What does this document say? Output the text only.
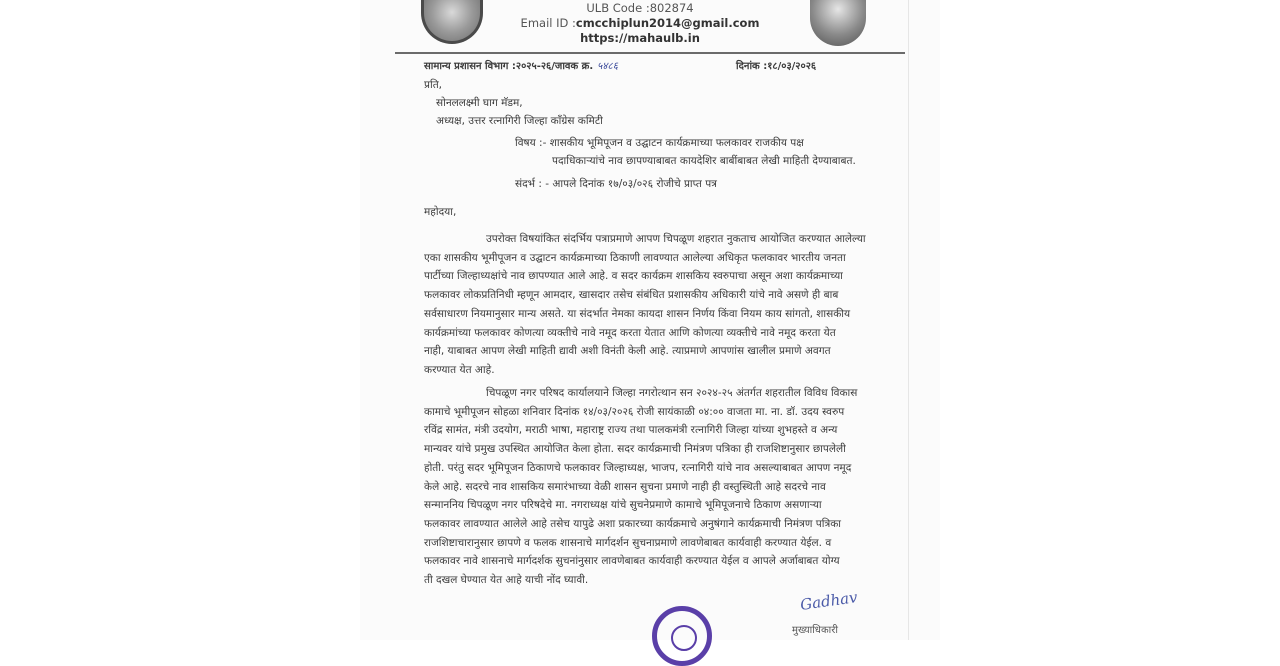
ULB Code :802874
Email ID :cmcchiplun2014@gmail.com
https://mahaulb.in
सामान्य प्रशासन विभाग :२०२५-२६/जावक क्र. ५४८६	दिनांक :१८/०३/२०२६
प्रति,
सोनललक्ष्मी घाग मॅडम,
अध्यक्ष, उत्तर रत्नागिरी जिल्हा कॉंग्रेस कमिटी
विषय :- शासकीय भूमिपूजन व उद्घाटन कार्यक्रमाच्या फलकावर राजकीय पक्ष
पदाधिकाऱ्यांचे नाव छापण्याबाबत कायदेशिर बाबींबाबत लेखी माहिती देण्याबाबत.
संदर्भ : - आपले दिनांक १७/०३/०२६ रोजीचे प्राप्त पत्र
महोदया,
उपरोक्त विषयांकित संदर्भिय पत्राप्रमाणे आपण चिपळूण शहरात नुकताच आयोजित करण्यात आलेल्या
एका शासकीय भूमीपूजन व उद्घाटन कार्यक्रमाच्या ठिकाणी लावण्यात आलेल्या अधिकृत फलकावर भारतीय जनता
पार्टीच्या जिल्हाध्यक्षांचे नाव छापण्यात आले आहे. व सदर कार्यक्रम शासकिय स्वरुपाचा असून अशा कार्यक्रमाच्या
फलकावर लोकप्रतिनिधी म्हणून आमदार, खासदार तसेच संबंधित प्रशासकीय अधिकारी यांचे नावे असणे ही बाब
सर्वसाधारण नियमानुसार मान्य असते. या संदर्भात नेमका कायदा शासन निर्णय किंवा नियम काय सांगतो, शासकीय
कार्यक्रमांच्या फलकावर कोणत्या व्यक्तीचे नावे नमूद करता येतात आणि कोणत्या व्यक्तीचे नावे नमूद करता येत
नाही, याबाबत आपण लेखी माहिती द्यावी अशी विनंती केली आहे. त्याप्रमाणे आपणांस खालील प्रमाणे अवगत
करण्यात येत आहे.
चिपळूण नगर परिषद कार्यालयाने जिल्हा नगरोत्थान सन २०२४-२५ अंतर्गत शहरातील विविध विकास
कामाचे भूमीपूजन सोहळा शनिवार दिनांक १४/०३/२०२६ रोजी सायंकाळी ०४:०० वाजता मा. ना. डॉ. उदय स्वरुप
रविंद्र सामंत, मंत्री उदयोग, मराठी भाषा, महाराष्ट्र राज्य तथा पालकमंत्री रत्नागिरी जिल्हा यांच्या शुभहस्ते व अन्य
मान्यवर यांचे प्रमुख उपस्थित आयोजित केला होता. सदर कार्यक्रमाची निमंत्रण पत्रिका ही राजशिष्टानुसार छापलेली
होती. परंतु सदर भूमिपूजन ठिकाणचे फलकावर जिल्हाध्यक्ष, भाजप, रत्नागिरी यांचे नाव असल्याबाबत आपण नमूद
केले आहे. सदरचे नाव शासकिय समारंभाच्या वेळी शासन सुचना प्रमाणे नाही ही वस्तुस्थिती आहे सदरचे नाव
सन्माननिय चिपळूण नगर परिषदेचे मा. नगराध्यक्ष यांचे सुचनेप्रमाणे कामाचे भूमिपूजनाचे ठिकाण असणाऱ्या
फलकावर लावण्यात आलेले आहे तसेच यापुढे अशा प्रकारच्या कार्यक्रमाचे अनुषंगाने कार्यक्रमाची निमंत्रण पत्रिका
राजशिष्टाचारानुसार छापणे व फलक शासनाचे मार्गदर्शन सुचनाप्रमाणे लावणेबाबत कार्यवाही करण्यात येईल. व
फलकावर नावे शासनाचे मार्गदर्शक सुचनांनुसार लावणेबाबत कार्यवाही करण्यात येईल व आपले अर्जाबाबत योग्य
ती दखल घेण्यात येत आहे याची नोंद घ्यावी.
Gadhav
मुख्याधिकारी
